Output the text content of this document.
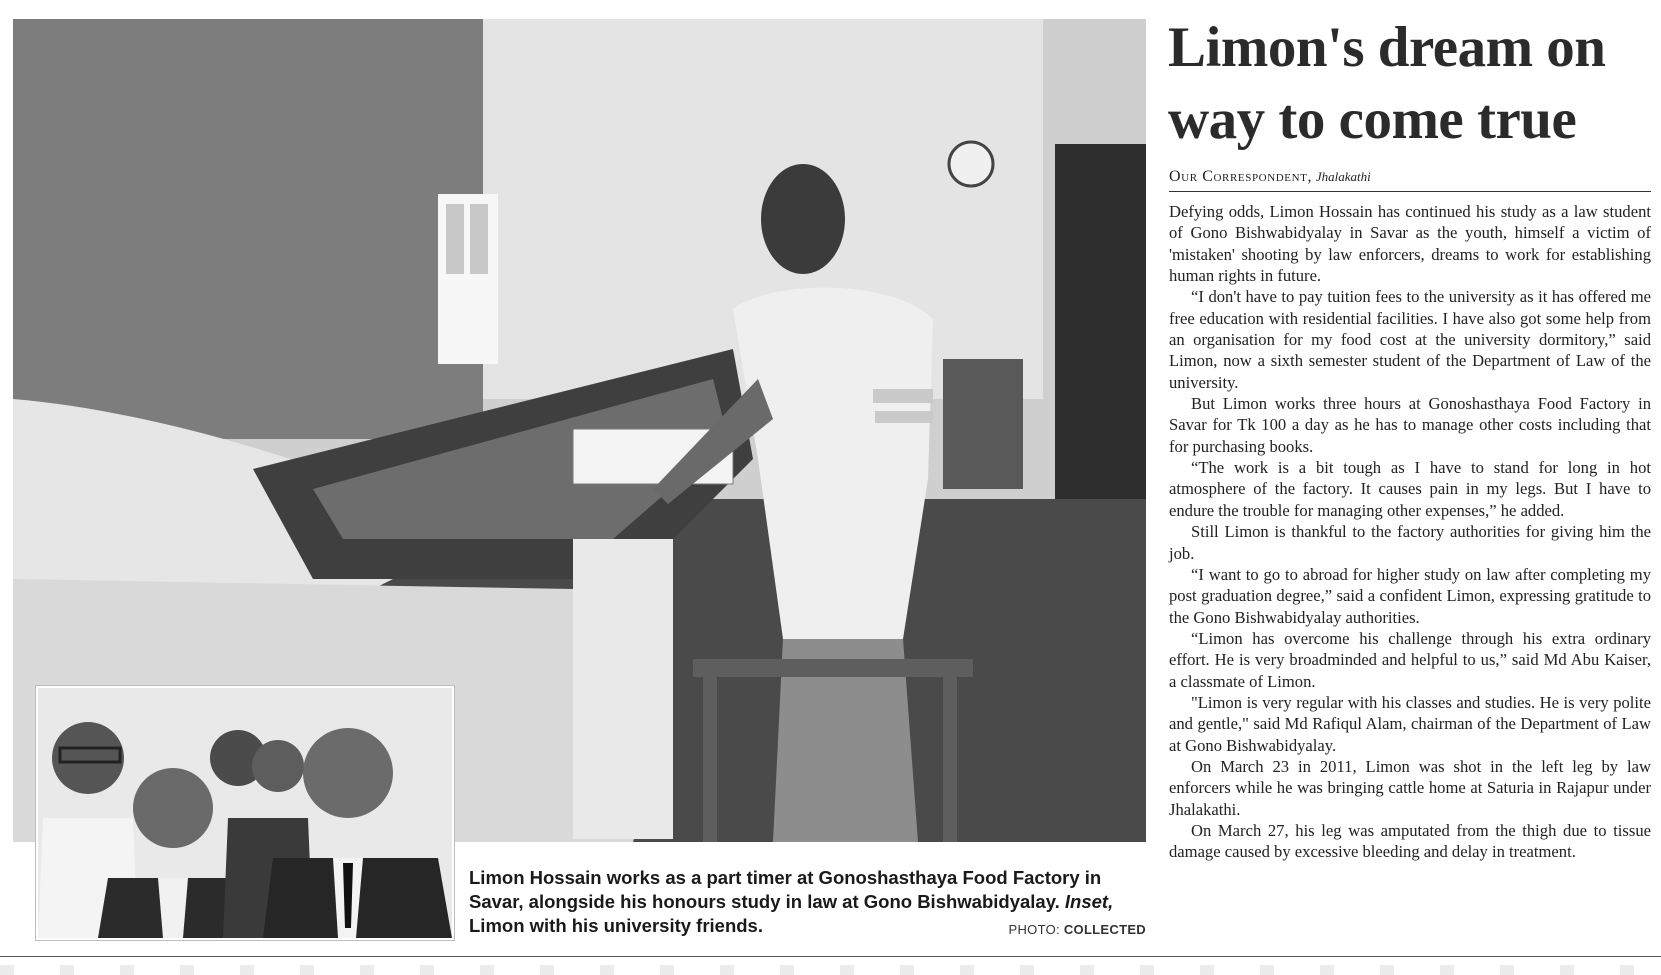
Limon Hossain works as a part timer at Gonoshasthaya Food Factory in Savar, alongside his honours study in law at Gono Bishwabidyalay. Inset, Limon with his university friends.	PHOTO: COLLECTED
Limon's dream on
way to come true
Our Correspondent, Jhalakathi

Defying odds, Limon Hossain has continued his study as a law student of Gono Bishwabidyalay in Savar as the youth, himself a victim of 'mistaken' shooting by law enforcers, dreams to work for establishing human rights in future.

“I don't have to pay tuition fees to the university as it has offered me free education with residential facilities. I have also got some help from an organisation for my food cost at the university dormitory,” said Limon, now a sixth semester student of the Department of Law of the university.

But Limon works three hours at Gonoshasthaya Food Factory in Savar for Tk 100 a day as he has to manage other costs including that for purchasing books.

“The work is a bit tough as I have to stand for long in hot atmosphere of the factory. It causes pain in my legs. But I have to endure the trouble for managing other expenses,” he added.

Still Limon is thankful to the factory authorities for giving him the job.

“I want to go to abroad for higher study on law after completing my post graduation degree,” said a confident Limon, expressing gratitude to the Gono Bishwabidyalay authorities.

“Limon has overcome his challenge through his extra ordinary effort. He is very broadminded and helpful to us,” said Md Abu Kaiser, a classmate of Limon.

"Limon is very regular with his classes and studies. He is very polite and gentle," said Md Rafiqul Alam, chairman of the Department of Law at Gono Bishwabidyalay.

On March 23 in 2011, Limon was shot in the left leg by law enforcers while he was bringing cattle home at Saturia in Rajapur under Jhalakathi.

On March 27, his leg was amputated from the thigh due to tissue damage caused by excessive bleeding and delay in treatment.
